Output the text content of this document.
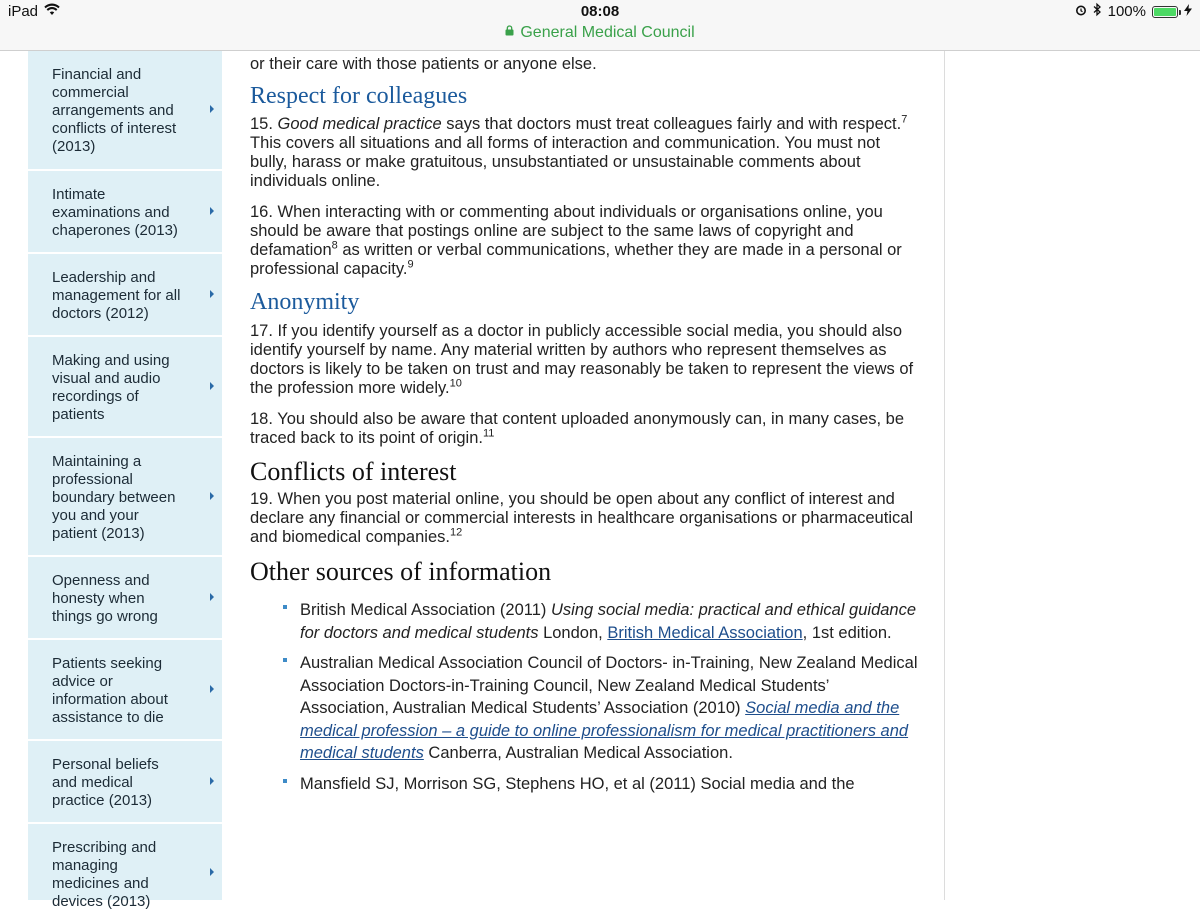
iPad	08:08	100%
General Medical Council
Financial and commercial arrangements and conflicts of interest (2013)
Intimate examinations and chaperones (2013)
Leadership and management for all doctors (2012)
Making and using visual and audio recordings of patients
Maintaining a professional boundary between you and your patient (2013)
Openness and honesty when things go wrong
Patients seeking advice or information about assistance to die
Personal beliefs and medical practice (2013)
Prescribing and managing medicines and devices (2013)

or their care with those patients or anyone else.

Respect for colleagues

15. Good medical practice says that doctors must treat colleagues fairly and with respect.$^7$ This covers all situations and all forms of interaction and communication. You must not bully, harass or make gratuitous, unsubstantiated or unsustainable comments about individuals online.

16. When interacting with or commenting about individuals or organisations online, you should be aware that postings online are subject to the same laws of copyright and defamation$^8$ as written or verbal communications, whether they are made in a personal or professional capacity.$^9$

Anonymity

17. If you identify yourself as a doctor in publicly accessible social media, you should also identify yourself by name. Any material written by authors who represent themselves as doctors is likely to be taken on trust and may reasonably be taken to represent the views of the profession more widely.$^{10}$

18. You should also be aware that content uploaded anonymously can, in many cases, be traced back to its point of origin.$^{11}$

Conflicts of interest

19. When you post material online, you should be open about any conflict of interest and declare any financial or commercial interests in healthcare organisations or pharmaceutical and biomedical companies.$^{12}$

Other sources of information
British Medical Association (2011) Using social media: practical and ethical guidance for doctors and medical students London, British Medical Association, 1st edition.
Australian Medical Association Council of Doctors- in-Training, New Zealand Medical Association Doctors-in-Training Council, New Zealand Medical Students’ Association, Australian Medical Students’ Association (2010) Social media and the medical profession – a guide to online professionalism for medical practitioners and medical students Canberra, Australian Medical Association.
Mansfield SJ, Morrison SG, Stephens HO, et al (2011) Social media and the
